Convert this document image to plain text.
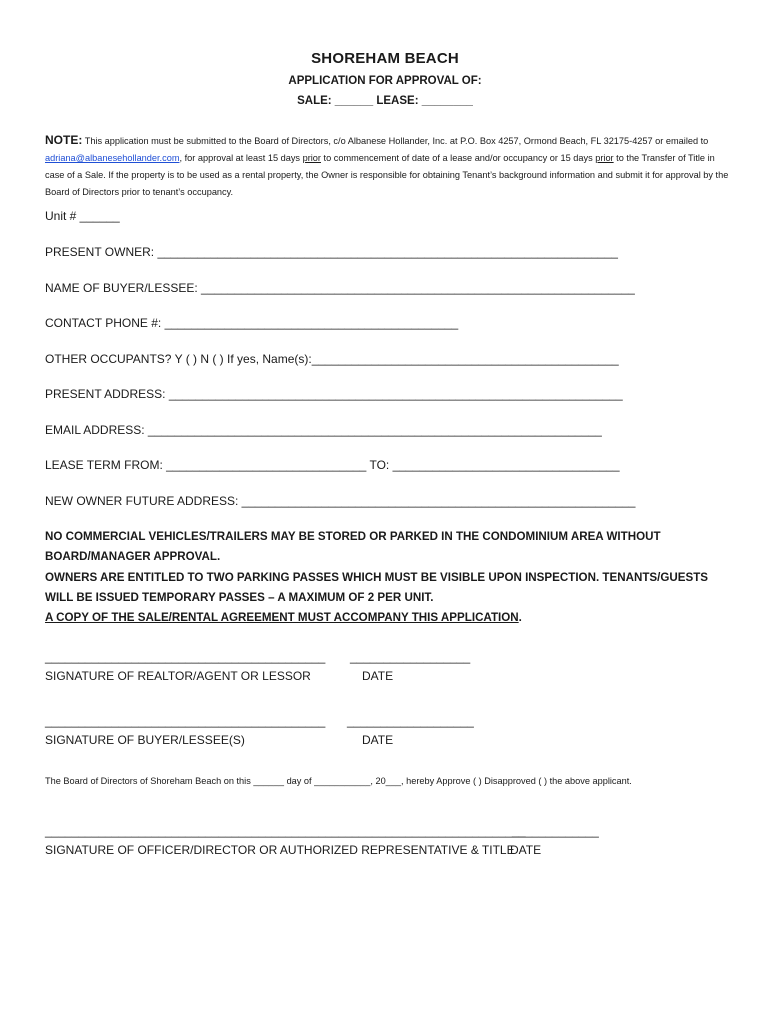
SHOREHAM BEACH
APPLICATION FOR APPROVAL OF:
SALE: ______ LEASE: ________
NOTE: This application must be submitted to the Board of Directors, c/o Albanese Hollander, Inc. at P.O. Box 4257, Ormond Beach, FL 32175-4257 or emailed to adriana@albanesehollander.com, for approval at least 15 days prior to commencement of date of a lease and/or occupancy or 15 days prior to the Transfer of Title in case of a Sale. If the property is to be used as a rental property, the Owner is responsible for obtaining Tenant’s background information and submit it for approval by the Board of Directors prior to tenant’s occupancy.
Unit # ______
PRESENT OWNER: _____________________________________________________________________
NAME OF BUYER/LESSEE: _________________________________________________________________
CONTACT PHONE #: ____________________________________________
OTHER OCCUPANTS? Y ( ) N ( ) If yes, Name(s):______________________________________________
PRESENT ADDRESS: ____________________________________________________________________
EMAIL ADDRESS: ____________________________________________________________________
LEASE TERM FROM: ______________________________ TO: __________________________________
NEW OWNER FUTURE ADDRESS: ___________________________________________________________
NO COMMERCIAL VEHICLES/TRAILERS MAY BE STORED OR PARKED IN THE CONDOMINIUM AREA WITHOUT BOARD/MANAGER APPROVAL.
OWNERS ARE ENTITLED TO TWO PARKING PASSES WHICH MUST BE VISIBLE UPON INSPECTION. TENANTS/GUESTS WILL BE ISSUED TEMPORARY PASSES – A MAXIMUM OF 2 PER UNIT.
A COPY OF THE SALE/RENTAL AGREEMENT MUST ACCOMPANY THIS APPLICATION.
__________________________________________ __________________
SIGNATURE OF REALTOR/AGENT OR LESSOR	DATE
__________________________________________ ___________________
SIGNATURE OF BUYER/LESSEE(S)	DATE
The Board of Directors of Shoreham Beach on this ______ day of ___________, 20___, hereby Approve ( ) Disapproved ( ) the above applicant.
________________________________________________________________________
_____________
SIGNATURE OF OFFICER/DIRECTOR OR AUTHORIZED REPRESENTATIVE & TITLE
DATE
